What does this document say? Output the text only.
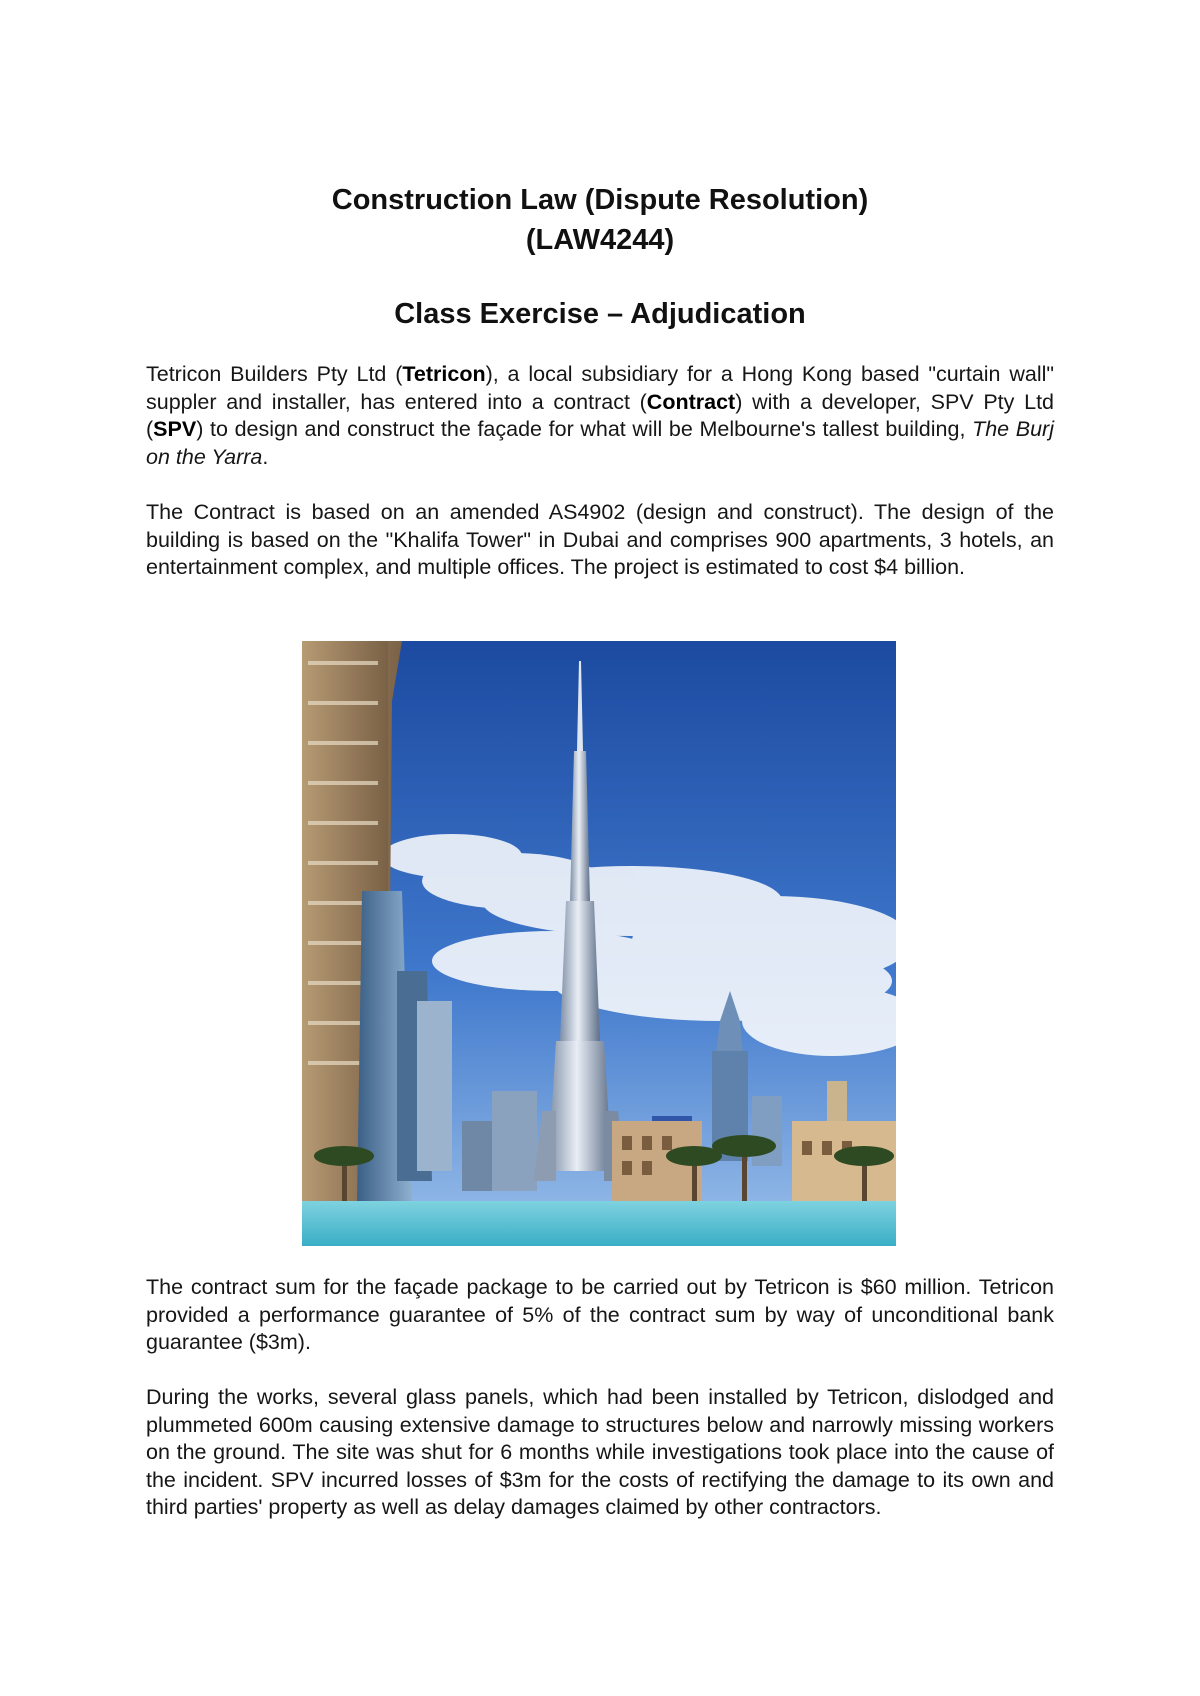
Construction Law (Dispute Resolution)
(LAW4244)
Class Exercise – Adjudication
Tetricon Builders Pty Ltd (Tetricon), a local subsidiary for a Hong Kong based "curtain wall" suppler and installer, has entered into a contract (Contract) with a developer, SPV Pty Ltd (SPV) to design and construct the façade for what will be Melbourne's tallest building, The Burj on the Yarra.
The Contract is based on an amended AS4902 (design and construct). The design of the building is based on the "Khalifa Tower" in Dubai and comprises 900 apartments, 3 hotels, an entertainment complex, and multiple offices. The project is estimated to cost $4 billion.
The contract sum for the façade package to be carried out by Tetricon is $60 million. Tetricon provided a performance guarantee of 5% of the contract sum by way of unconditional bank guarantee ($3m).
During the works, several glass panels, which had been installed by Tetricon, dislodged and plummeted 600m causing extensive damage to structures below and narrowly missing workers on the ground. The site was shut for 6 months while investigations took place into the cause of the incident. SPV incurred losses of $3m for the costs of rectifying the damage to its own and third parties' property as well as delay damages claimed by other contractors.
